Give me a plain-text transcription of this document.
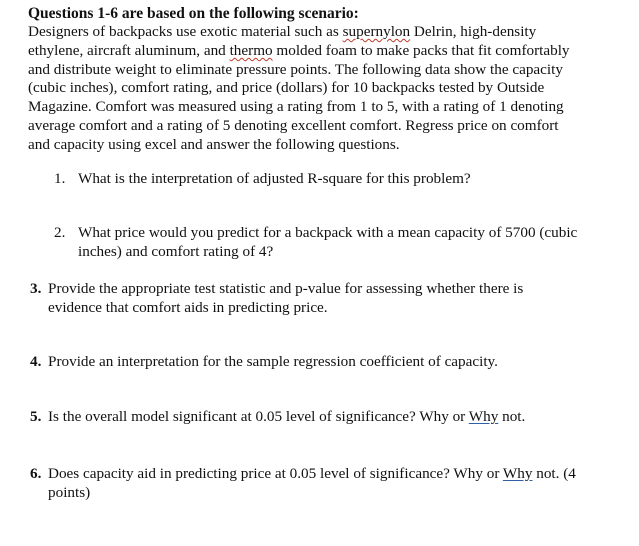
Questions 1-6 are based on the following scenario:

Designers of backpacks use exotic material such as supernylon Delrin, high-density
ethylene, aircraft aluminum, and thermo molded foam to make packs that fit comfortably
and distribute weight to eliminate pressure points. The following data show the capacity
(cubic inches), comfort rating, and price (dollars) for 10 backpacks tested by Outside
Magazine. Comfort was measured using a rating from 1 to 5, with a rating of 1 denoting
average comfort and a rating of 5 denoting excellent comfort. Regress price on comfort
and capacity using excel and answer the following questions.

1. What is the interpretation of adjusted R-square for this problem?
2. What price would you predict for a backpack with a mean capacity of 5700 (cubic
inches) and comfort rating of 4?
3. Provide the appropriate test statistic and p-value for assessing whether there is
evidence that comfort aids in predicting price.
4. Provide an interpretation for the sample regression coefficient of capacity.
5. Is the overall model significant at 0.05 level of significance? Why or Why not.
6. Does capacity aid in predicting price at 0.05 level of significance? Why or Why not. (4
points)
